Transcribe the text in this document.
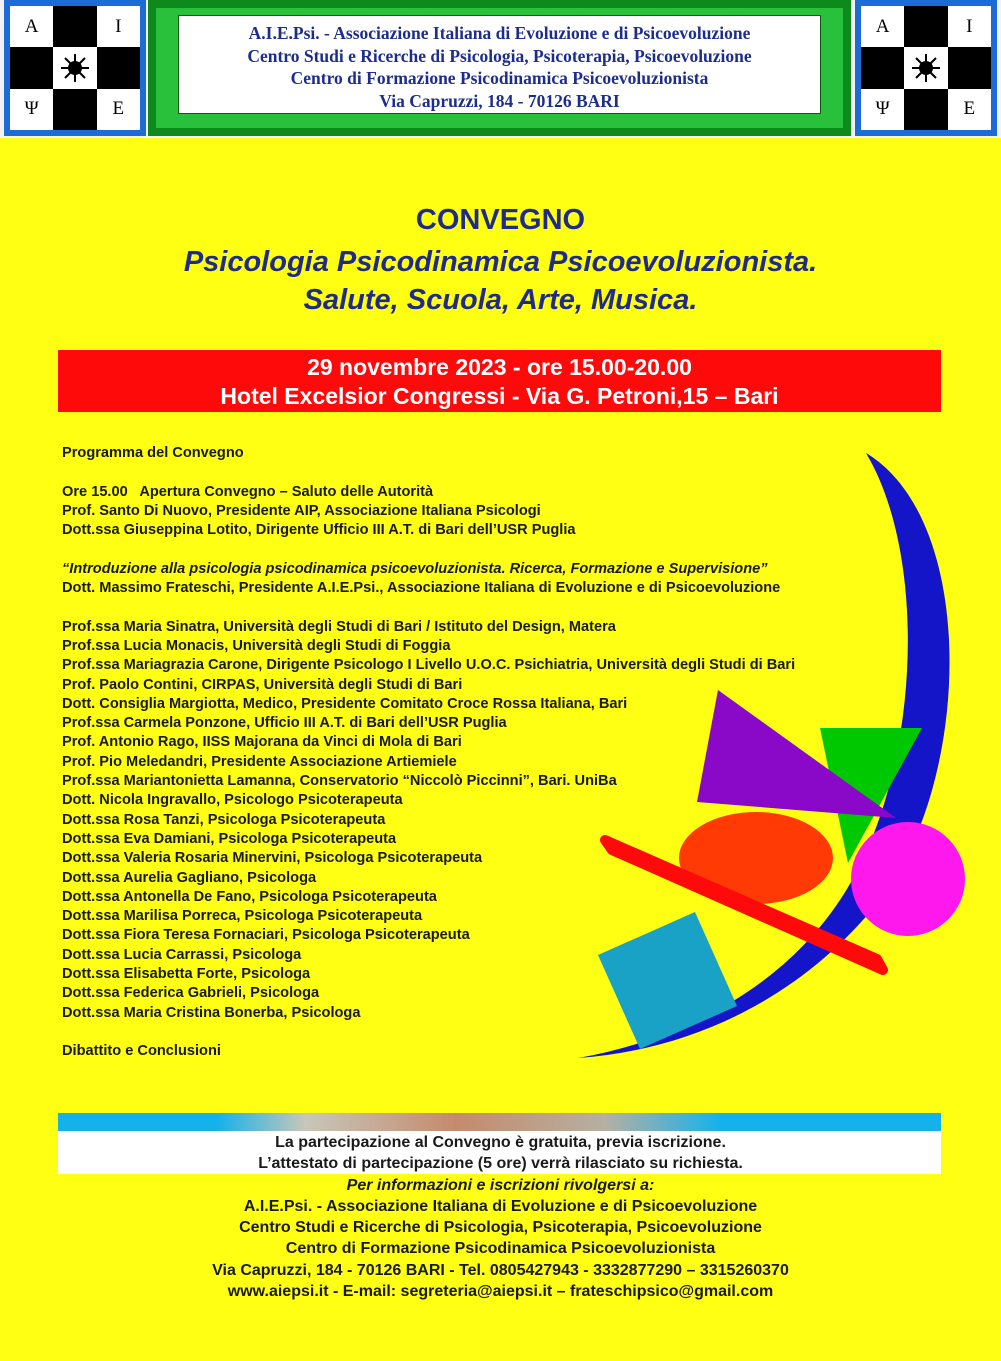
A	I
Ψ	E
A.I.E.Psi. - Associazione Italiana di Evoluzione e di Psicoevoluzione
Centro Studi e Ricerche di Psicologia, Psicoterapia, Psicoevoluzione
Centro di Formazione Psicodinamica Psicoevoluzionista
Via Capruzzi, 184 - 70126 BARI
A	I
Ψ	E
CONVEGNO
Psicologia Psicodinamica Psicoevoluzionista.
Salute, Scuola, Arte, Musica.
29 novembre 2023 - ore 15.00-20.00
Hotel Excelsior Congressi - Via G. Petroni,15 – Bari
Programma del Convegno
Ore 15.00   Apertura Convegno – Saluto delle Autorità
Prof. Santo Di Nuovo, Presidente AIP, Associazione Italiana Psicologi
Dott.ssa Giuseppina Lotito, Dirigente Ufficio III A.T. di Bari dell’USR Puglia
“Introduzione alla psicologia psicodinamica psicoevoluzionista. Ricerca, Formazione e Supervisione”
Dott. Massimo Frateschi, Presidente A.I.E.Psi., Associazione Italiana di Evoluzione e di Psicoevoluzione
Prof.ssa Maria Sinatra, Università degli Studi di Bari / Istituto del Design, Matera
Prof.ssa Lucia Monacis, Università degli Studi di Foggia
Prof.ssa Mariagrazia Carone, Dirigente Psicologo I Livello U.O.C. Psichiatria, Università degli Studi di Bari
Prof. Paolo Contini, CIRPAS, Università degli Studi di Bari
Dott. Consiglia Margiotta, Medico, Presidente Comitato Croce Rossa Italiana, Bari
Prof.ssa Carmela Ponzone, Ufficio III A.T. di Bari dell’USR Puglia
Prof. Antonio Rago, IISS Majorana da Vinci di Mola di Bari
Prof. Pio Meledandri, Presidente Associazione Artiemiele
Prof.ssa Mariantonietta Lamanna, Conservatorio “Niccolò Piccinni”, Bari. UniBa
Dott. Nicola Ingravallo, Psicologo Psicoterapeuta
Dott.ssa Rosa Tanzi, Psicologa Psicoterapeuta
Dott.ssa Eva Damiani, Psicologa Psicoterapeuta
Dott.ssa Valeria Rosaria Minervini, Psicologa Psicoterapeuta
Dott.ssa Aurelia Gagliano, Psicologa
Dott.ssa Antonella De Fano, Psicologa Psicoterapeuta
Dott.ssa Marilisa Porreca, Psicologa Psicoterapeuta
Dott.ssa Fiora Teresa Fornaciari, Psicologa Psicoterapeuta
Dott.ssa Lucia Carrassi, Psicologa
Dott.ssa Elisabetta Forte, Psicologa
Dott.ssa Federica Gabrieli, Psicologa
Dott.ssa Maria Cristina Bonerba, Psicologa
Dibattito e Conclusioni
La partecipazione al Convegno è gratuita, previa iscrizione.
L’attestato di partecipazione (5 ore) verrà rilasciato su richiesta.
Per informazioni e iscrizioni rivolgersi a:
A.I.E.Psi. - Associazione Italiana di Evoluzione e di Psicoevoluzione
Centro Studi e Ricerche di Psicologia, Psicoterapia, Psicoevoluzione
Centro di Formazione Psicodinamica Psicoevoluzionista
Via Capruzzi, 184 - 70126 BARI - Tel. 0805427943 - 3332877290 – 3315260370
www.aiepsi.it - E-mail: segreteria@aiepsi.it – frateschipsico@gmail.com
